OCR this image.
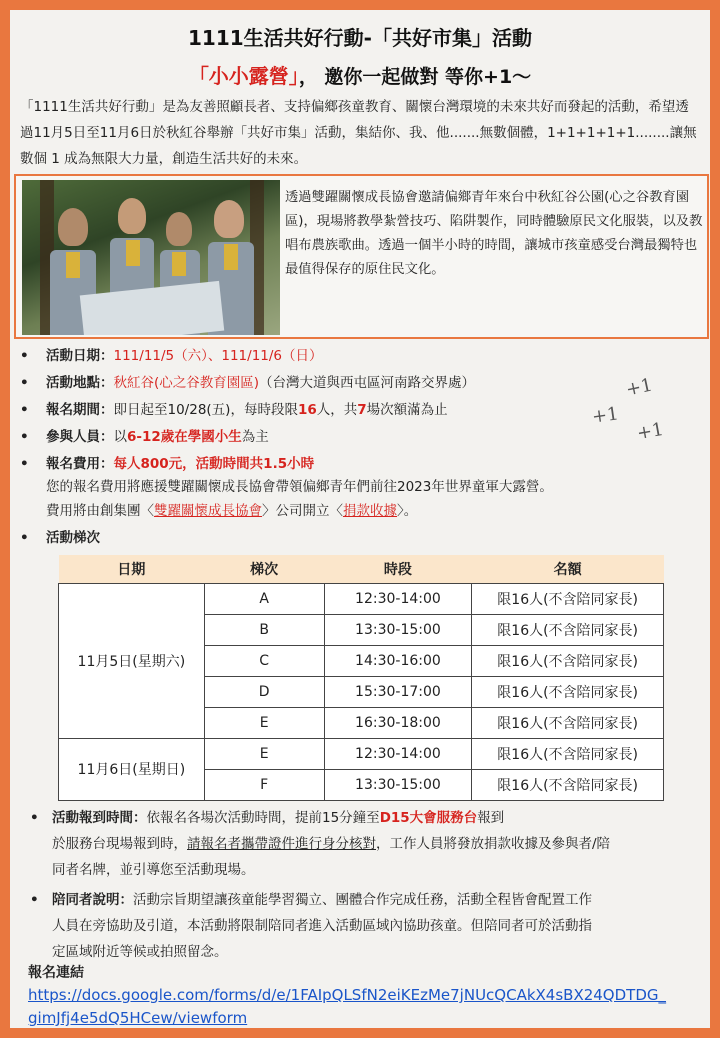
1111生活共好行動-「共好市集」活動
「小小露營」， 邀你一起做對 等你+1～
「1111生活共好行動」是為友善照顧長者、支持偏鄉孩童教育、關懷台灣環境的未來共好而發起的活動，希望透過11月5日至11月6日於秋紅谷舉辦「共好市集」活動，集結你、我、他.......無數個體，1+1+1+1+1........讓無數個 1 成為無限大力量，創造生活共好的未來。
透過雙躍關懷成長協會邀請偏鄉青年來台中秋紅谷公園(心之谷教育園區)，現場將教學紮營技巧、陷阱製作，同時體驗原民文化服裝，以及教唱布農族歌曲。透過一個半小時的時間，讓城市孩童感受台灣最獨特也最值得保存的原住民文化。
• 活動日期：111/11/5（六）、111/11/6（日）
• 活動地點：秋紅谷(心之谷教育園區)（台灣大道與西屯區河南路交界處）
• 報名期間：即日起至10/28(五)，每時段限16人，共7場次額滿為止
• 參與人員：以6-12歲在學國小生為主
• 報名費用：每人800元，活動時間共1.5小時
您的報名費用將應援雙躍關懷成長協會帶領偏鄉青年們前往2023年世界童軍大露營。
費用將由創集團〈雙躍關懷成長協會〉公司開立〈捐款收據〉。
• 活動梯次
+1
+1
+1
日期	梯次	時段	名額
11月5日(星期六)	A	12:30-14:00	限16人(不含陪同家長)
	B	13:30-15:00	限16人(不含陪同家長)
	C	14:30-16:00	限16人(不含陪同家長)
	D	15:30-17:00	限16人(不含陪同家長)
	E	16:30-18:00	限16人(不含陪同家長)
11月6日(星期日)	E	12:30-14:00	限16人(不含陪同家長)
	F	13:30-15:00	限16人(不含陪同家長)
• 活動報到時間：依報名各場次活動時間，提前15分鐘至D15大會服務台報到
於服務台現場報到時，請報名者攜帶證件進行身分核對，工作人員將發放捐款收據及參與者/陪
同者名牌，並引導您至活動現場。
• 陪同者說明：活動宗旨期望讓孩童能學習獨立、團體合作完成任務，活動全程皆會配置工作
人員在旁協助及引道，本活動將限制陪同者進入活動區域內協助孩童。但陪同者可於活動指
定區域附近等候或拍照留念。
報名連結
https://docs.google.com/forms/d/e/1FAIpQLSfN2eiKEzMe7jNUcQCAkX4sBX24QDTDG_
gimJfj4e5dQ5HCew/viewform
